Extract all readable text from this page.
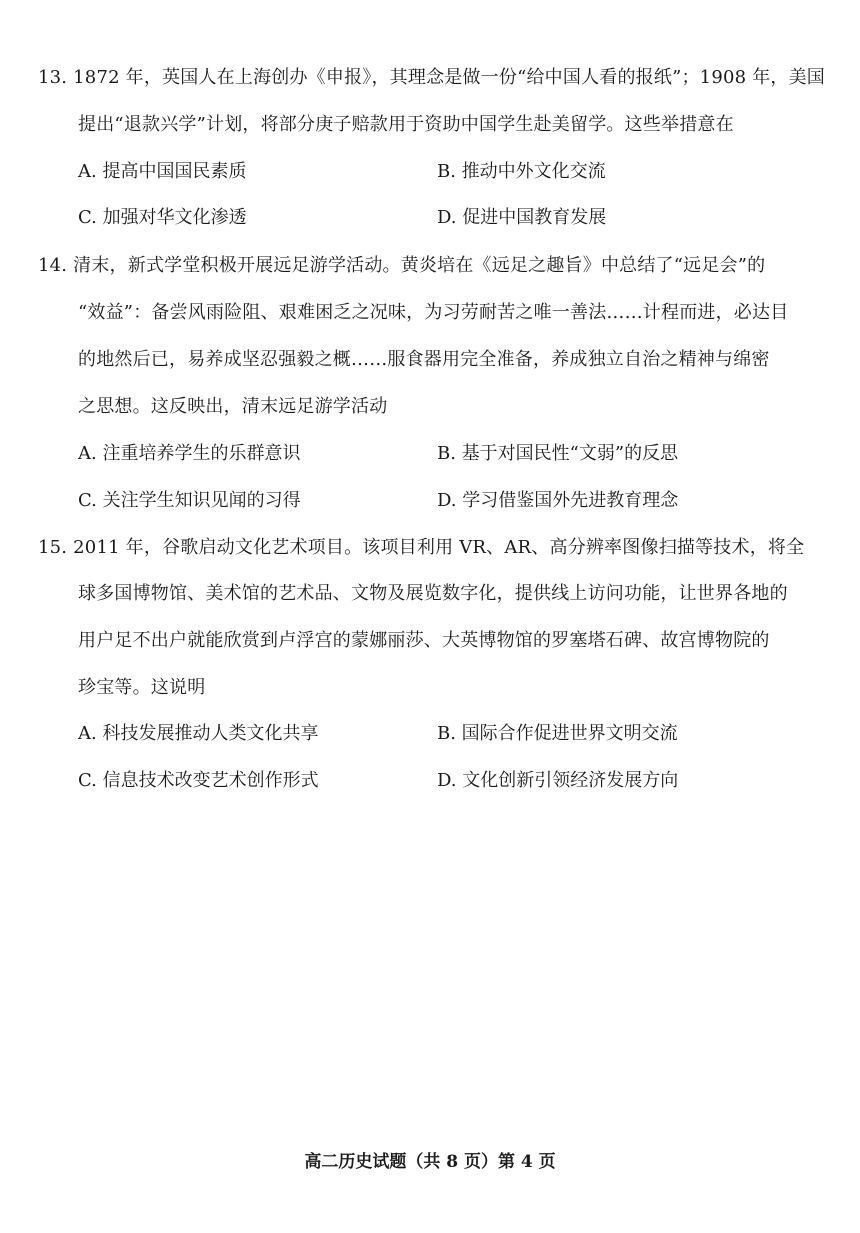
13. 1872 年，英国人在上海创办《申报》，其理念是做一份“给中国人看的报纸”；1908 年，美国
提出“退款兴学”计划，将部分庚子赔款用于资助中国学生赴美留学。这些举措意在
A. 提高中国国民素质	B. 推动中外文化交流
C. 加强对华文化渗透	D. 促进中国教育发展
14. 清末，新式学堂积极开展远足游学活动。黄炎培在《远足之趣旨》中总结了“远足会”的
“效益”：备尝风雨险阻、艰难困乏之况味，为习劳耐苦之唯一善法……计程而进，必达目
的地然后已，易养成坚忍强毅之概……服食器用完全准备，养成独立自治之精神与绵密
之思想。这反映出，清末远足游学活动
A. 注重培养学生的乐群意识	B. 基于对国民性“文弱”的反思
C. 关注学生知识见闻的习得	D. 学习借鉴国外先进教育理念
15. 2011 年，谷歌启动文化艺术项目。该项目利用 VR、AR、高分辨率图像扫描等技术，将全
球多国博物馆、美术馆的艺术品、文物及展览数字化，提供线上访问功能，让世界各地的
用户足不出户就能欣赏到卢浮宫的蒙娜丽莎、大英博物馆的罗塞塔石碑、故宫博物院的
珍宝等。这说明
A. 科技发展推动人类文化共享	B. 国际合作促进世界文明交流
C. 信息技术改变艺术创作形式	D. 文化创新引领经济发展方向
高二历史试题（共 8 页）第 4 页
